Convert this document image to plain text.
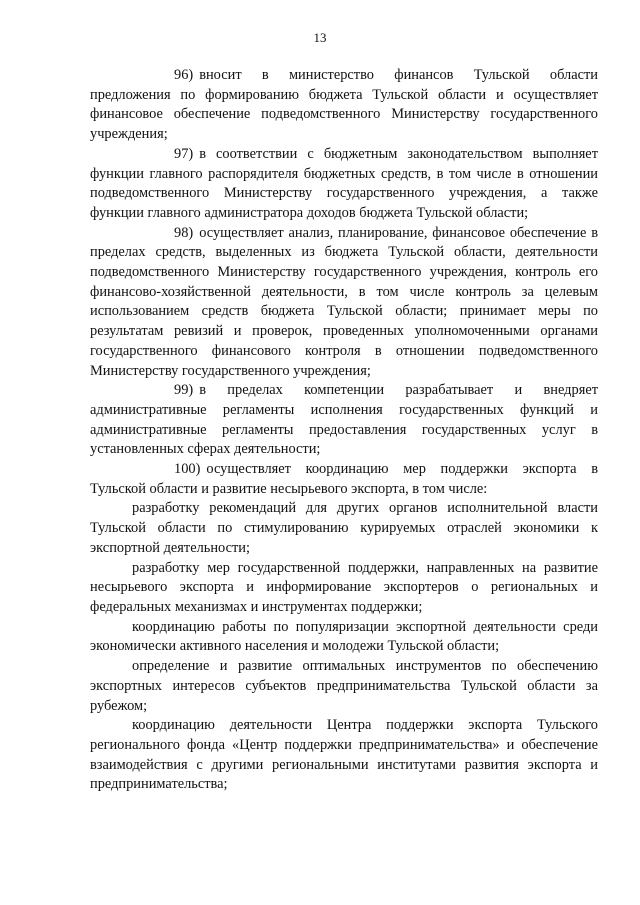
13

96) вносит в министерство финансов Тульской области предложения по формированию бюджета Тульской области и осуществляет финансовое обеспечение подведомственного Министерству государственного учреждения;

97) в соответствии с бюджетным законодательством выполняет функции главного распорядителя бюджетных средств, в том числе в отношении подведомственного Министерству государственного учреждения, а также функции главного администратора доходов бюджета Тульской области;

98) осуществляет анализ, планирование, финансовое обеспечение в пределах средств, выделенных из бюджета Тульской области, деятельности подведомственного Министерству государственного учреждения, контроль его финансово-хозяйственной деятельности, в том числе контроль за целевым использованием средств бюджета Тульской области; принимает меры по результатам ревизий и проверок, проведенных уполномоченными органами государственного финансового контроля в отношении подведомственного Министерству государственного учреждения;

99) в пределах компетенции разрабатывает и внедряет административные регламенты исполнения государственных функций и административные регламенты предоставления государственных услуг в установленных сферах деятельности;

100) осуществляет координацию мер поддержки экспорта в Тульской области и развитие несырьевого экспорта, в том числе:

разработку рекомендаций для других органов исполнительной власти Тульской области по стимулированию курируемых отраслей экономики к экспортной деятельности;

разработку мер государственной поддержки, направленных на развитие несырьевого экспорта и информирование экспортеров о региональных и федеральных механизмах и инструментах поддержки;

координацию работы по популяризации экспортной деятельности среди экономически активного населения и молодежи Тульской области;

определение и развитие оптимальных инструментов по обеспечению экспортных интересов субъектов предпринимательства Тульской области за рубежом;

координацию деятельности Центра поддержки экспорта Тульского регионального фонда «Центр поддержки предпринимательства» и обеспечение взаимодействия с другими региональными институтами развития экспорта и предпринимательства;
